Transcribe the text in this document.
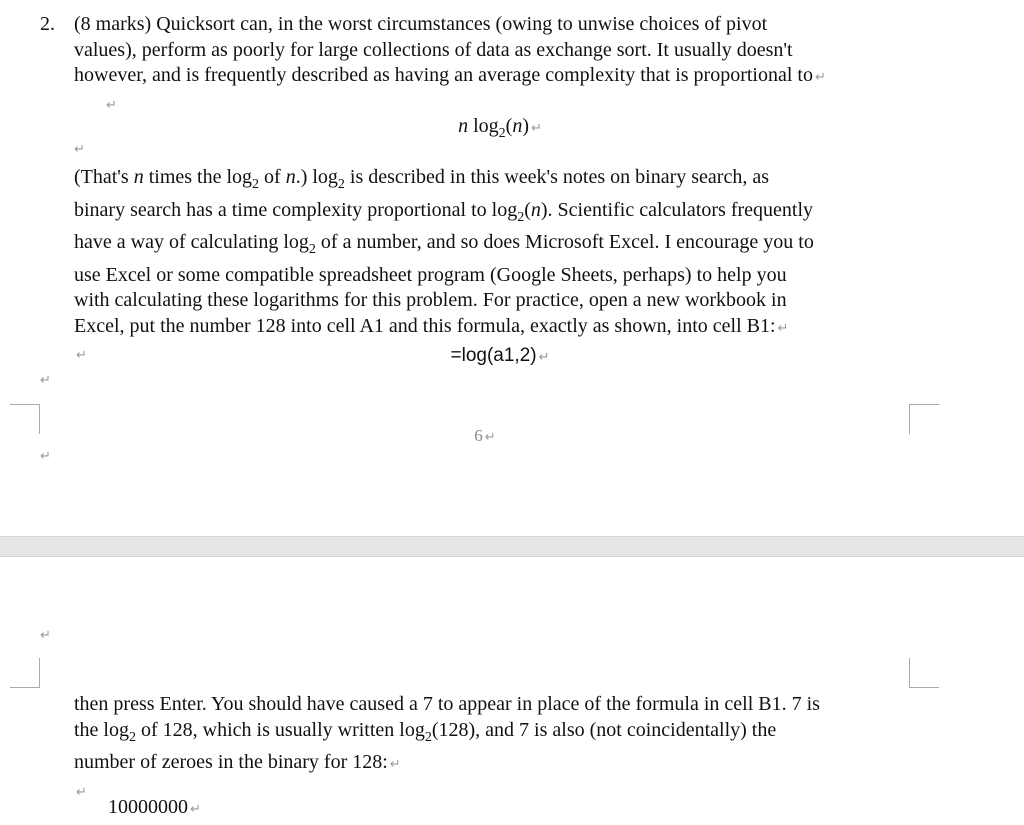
2. (8 marks) Quicksort can, in the worst circumstances (owing to unwise choices of pivot
values), perform as poorly for large collections of data as exchange sort. It usually doesn't
however, and is frequently described as having an average complexity that is proportional to ↵
↵
n $\log_2(n)$ ↵
↵
(That's n times the $\log_2$ of n.) $\log_2$ is described in this week's notes on binary search, as
binary search has a time complexity proportional to $\log_2(n)$. Scientific calculators frequently
have a way of calculating $\log_2$ of a number, and so does Microsoft Excel. I encourage you to
use Excel or some compatible spreadsheet program (Google Sheets, perhaps) to help you
with calculating these logarithms for this problem. For practice, open a new workbook in
Excel, put the number 128 into cell A1 and this formula, exactly as shown, into cell B1: ↵
↵	=log(a1,2) ↵
↵
6 ↵
↵
↵
then press Enter. You should have caused a 7 to appear in place of the formula in cell B1. 7 is
the $\log_2$ of 128, which is usually written $\log_2(128)$, and 7 is also (not coincidentally) the
number of zeroes in the binary for 128: ↵
↵
10000000 ↵
